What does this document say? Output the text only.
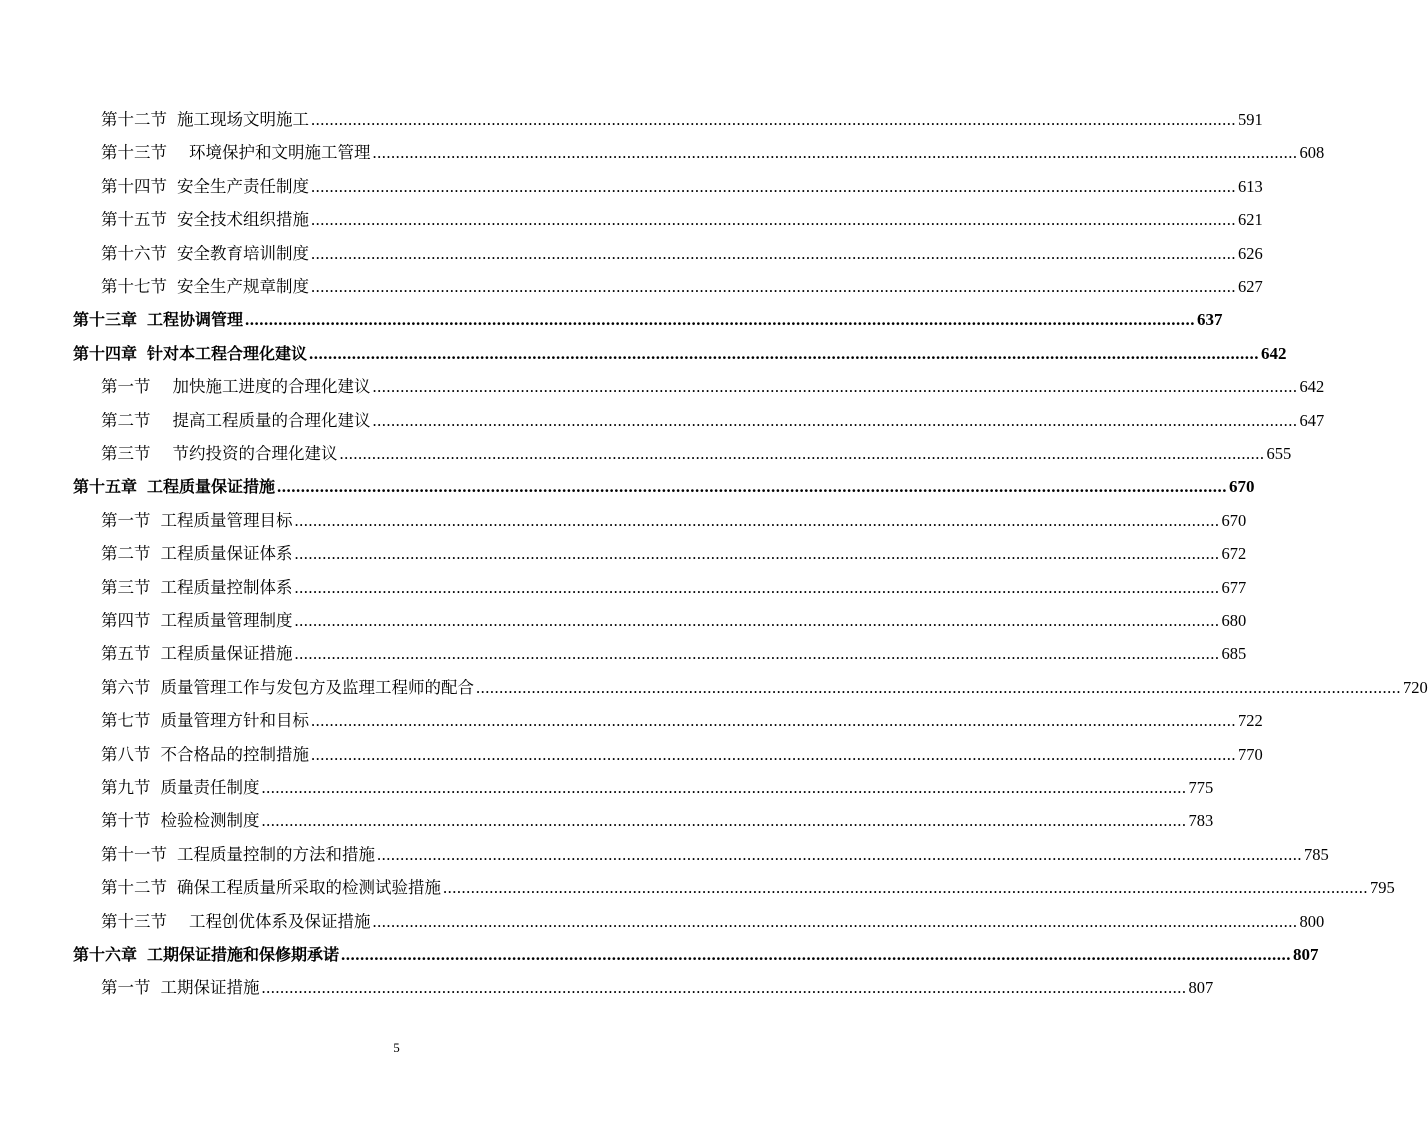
第十二节 施工现场文明施工 ........................................................................................................................................................................................................ 591
第十三节 环境保护和文明施工管理 ........................................................................................................................................................................................................ 608
第十四节 安全生产责任制度 ........................................................................................................................................................................................................ 613
第十五节 安全技术组织措施 ........................................................................................................................................................................................................ 621
第十六节 安全教育培训制度 ........................................................................................................................................................................................................ 626
第十七节 安全生产规章制度 ........................................................................................................................................................................................................ 627
第十三章 工程协调管理 ........................................................................................................................................................................................................ 637
第十四章 针对本工程合理化建议 ........................................................................................................................................................................................................ 642
第一节 加快施工进度的合理化建议 ........................................................................................................................................................................................................ 642
第二节 提高工程质量的合理化建议 ........................................................................................................................................................................................................ 647
第三节 节约投资的合理化建议 ........................................................................................................................................................................................................ 655
第十五章 工程质量保证措施 ........................................................................................................................................................................................................ 670
第一节 工程质量管理目标 ........................................................................................................................................................................................................ 670
第二节 工程质量保证体系 ........................................................................................................................................................................................................ 672
第三节 工程质量控制体系 ........................................................................................................................................................................................................ 677
第四节 工程质量管理制度 ........................................................................................................................................................................................................ 680
第五节 工程质量保证措施 ........................................................................................................................................................................................................ 685
第六节 质量管理工作与发包方及监理工程师的配合 ........................................................................................................................................................................................................ 720
第七节 质量管理方针和目标 ........................................................................................................................................................................................................ 722
第八节 不合格品的控制措施 ........................................................................................................................................................................................................ 770
第九节 质量责任制度 ........................................................................................................................................................................................................ 775
第十节 检验检测制度 ........................................................................................................................................................................................................ 783
第十一节 工程质量控制的方法和措施 ........................................................................................................................................................................................................ 785
第十二节 确保工程质量所采取的检测试验措施 ........................................................................................................................................................................................................ 795
第十三节 工程创优体系及保证措施 ........................................................................................................................................................................................................ 800
第十六章 工期保证措施和保修期承诺 ........................................................................................................................................................................................................ 807
第一节 工期保证措施 ........................................................................................................................................................................................................ 807
5
